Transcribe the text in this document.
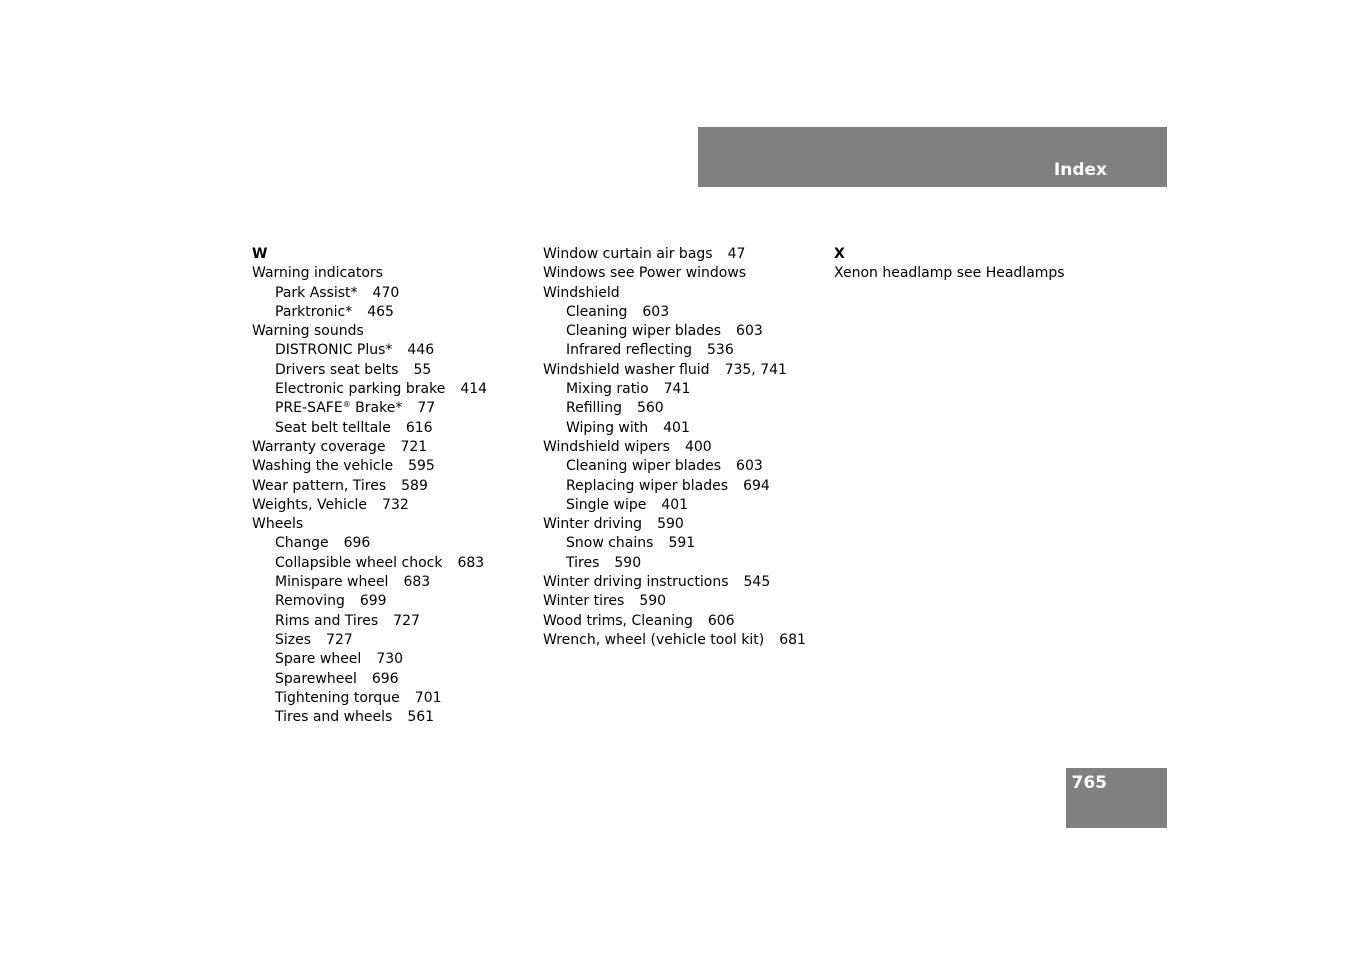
Index
W
Warning indicators
Park Assist* 470
Parktronic* 465
Warning sounds
DISTRONIC Plus* 446
Drivers seat belts 55
Electronic parking brake 414
PRE-SAFE® Brake* 77
Seat belt telltale 616
Warranty coverage 721
Washing the vehicle 595
Wear pattern, Tires 589
Weights, Vehicle 732
Wheels
Change 696
Collapsible wheel chock 683
Minispare wheel 683
Removing 699
Rims and Tires 727
Sizes 727
Spare wheel 730
Sparewheel 696
Tightening torque 701
Tires and wheels 561
Window curtain air bags 47
Windows see Power windows
Windshield
Cleaning 603
Cleaning wiper blades 603
Infrared reflecting 536
Windshield washer fluid 735, 741
Mixing ratio 741
Refilling 560
Wiping with 401
Windshield wipers 400
Cleaning wiper blades 603
Replacing wiper blades 694
Single wipe 401
Winter driving 590
Snow chains 591
Tires 590
Winter driving instructions 545
Winter tires 590
Wood trims, Cleaning 606
Wrench, wheel (vehicle tool kit) 681
X
Xenon headlamp see Headlamps
765
